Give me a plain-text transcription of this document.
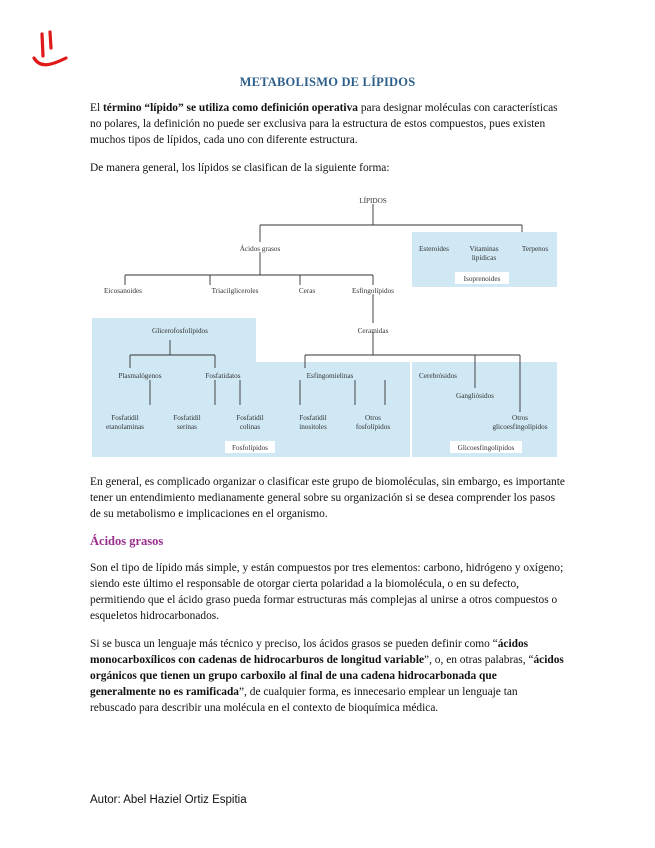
METABOLISMO DE LÍPIDOS

El término “lípido” se utiliza como definición operativa para designar moléculas con características no polares, la definición no puede ser exclusiva para la estructura de estos compuestos, pues existen muchos tipos de lípidos, cada uno con diferente estructura.

De manera general, los lípidos se clasifican de la siguiente forma:

LÍPIDOS
Ácidos grasos	Esteroides	Vitaminas lipídicas
Terpenos
Isoprenoides
Eicosanoides	Triacilgliceroles	Ceras	Esfingolípidos
Glicerofosfolípidos	Ceramidas
Plasmalógenos	Fosfatidatos	Esfingomielinas	Cerebrósidos
Gangliósidos
Otros glicoesfingolípidos
Fosfatidil etanolaminas
Fosfatidil serinas
Fosfatidil colinas
Fosfatidil inositoles
Otros fosfolípidos
Fosfolípidos	Glicoesfingolípidos

En general, es complicado organizar o clasificar este grupo de biomoléculas, sin embargo, es importante tener un entendimiento medianamente general sobre su organización si se desea comprender los pasos de su metabolismo e implicaciones en el organismo.

Ácidos grasos

Son el tipo de lípido más simple, y están compuestos por tres elementos: carbono, hidrógeno y oxígeno; siendo este último el responsable de otorgar cierta polaridad a la biomolécula, o en su defecto, permitiendo que el ácido graso pueda formar estructuras más complejas al unirse a otros compuestos o esqueletos hidrocarbonados.

Si se busca un lenguaje más técnico y preciso, los ácidos grasos se pueden definir como “ácidos monocarboxílicos con cadenas de hidrocarburos de longitud variable”, o, en otras palabras, “ácidos orgánicos que tienen un grupo carboxilo al final de una cadena hidrocarbonada que generalmente no es ramificada”, de cualquier forma, es innecesario emplear un lenguaje tan rebuscado para describir una molécula en el contexto de bioquímica médica.

Autor: Abel Haziel Ortiz Espitia
